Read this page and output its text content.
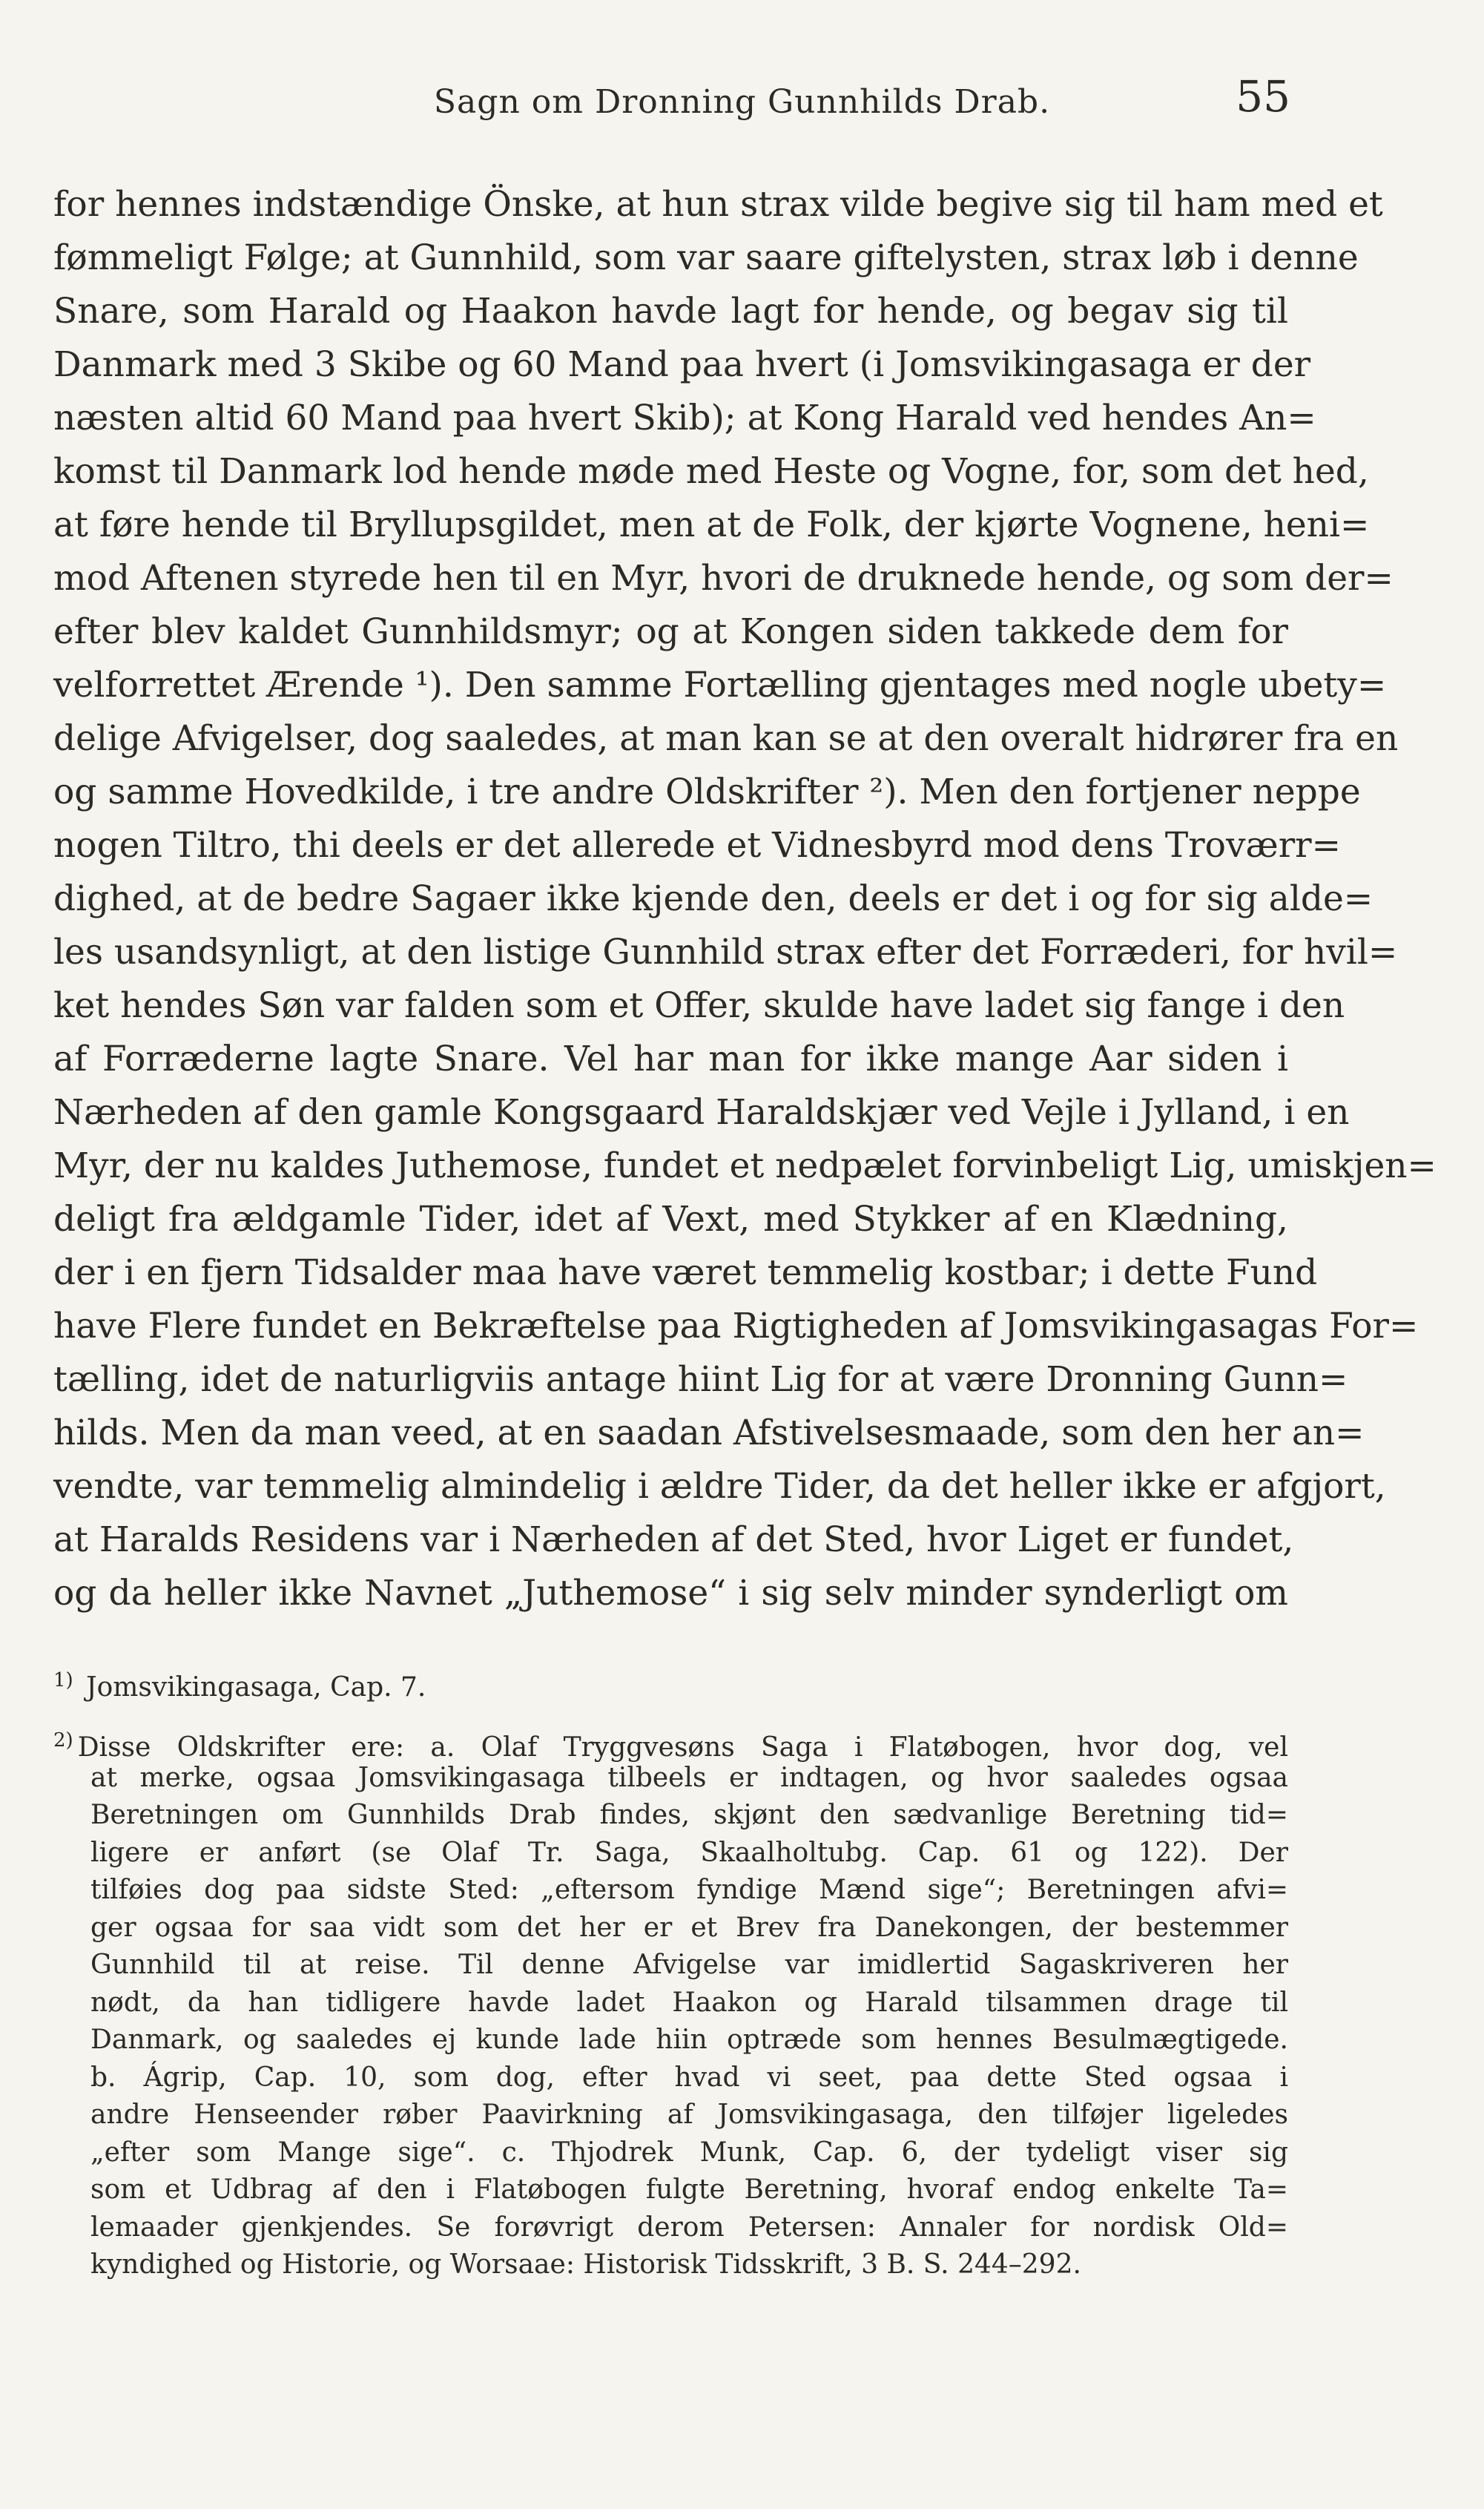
Sagn om Dronning Gunnhilds Drab.	55
for hennes indstændige Önske, at hun strax vilde begive sig til ham med et
fømmeligt Følge; at Gunnhild, som var saare giftelysten, strax løb i denne
Snare, som Harald og Haakon havde lagt for hende, og begav sig til
Danmark med 3 Skibe og 60 Mand paa hvert (i Jomsvikingasaga er der
næsten altid 60 Mand paa hvert Skib); at Kong Harald ved hendes An=
komst til Danmark lod hende møde med Heste og Vogne, for, som det hed,
at føre hende til Bryllupsgildet, men at de Folk, der kjørte Vognene, heni=
mod Aftenen styrede hen til en Myr, hvori de druknede hende, og som der=
efter blev kaldet Gunnhildsmyr; og at Kongen siden takkede dem for
velforrettet Ærende ¹). Den samme Fortælling gjentages med nogle ubety=
delige Afvigelser, dog saaledes, at man kan se at den overalt hidrører fra en
og samme Hovedkilde, i tre andre Oldskrifter ²). Men den fortjener neppe
nogen Tiltro, thi deels er det allerede et Vidnesbyrd mod dens Troværr=
dighed, at de bedre Sagaer ikke kjende den, deels er det i og for sig alde=
les usandsynligt, at den listige Gunnhild strax efter det Forræderi, for hvil=
ket hendes Søn var falden som et Offer, skulde have ladet sig fange i den
af Forræderne lagte Snare. Vel har man for ikke mange Aar siden i
Nærheden af den gamle Kongsgaard Haraldskjær ved Vejle i Jylland, i en
Myr, der nu kaldes Juthemose, fundet et nedpælet forvinbeligt Lig, umiskjen=
deligt fra ældgamle Tider, idet af Vext, med Stykker af en Klædning,
der i en fjern Tidsalder maa have været temmelig kostbar; i dette Fund
have Flere fundet en Bekræftelse paa Rigtigheden af Jomsvikingasagas For=
tælling, idet de naturligviis antage hiint Lig for at være Dronning Gunn=
hilds. Men da man veed, at en saadan Afstivelsesmaade, som den her an=
vendte, var temmelig almindelig i ældre Tider, da det heller ikke er afgjort,
at Haralds Residens var i Nærheden af det Sted, hvor Liget er fundet,
og da heller ikke Navnet „Juthemose“ i sig selv minder synderligt om
$^{1)}$ Jomsvikingasaga, Cap. 7.
$^{2)}$ Disse Oldskrifter ere: a. Olaf Tryggvesøns Saga i Flatøbogen, hvor dog, vel
at merke, ogsaa Jomsvikingasaga tilbeels er indtagen, og hvor saaledes ogsaa
Beretningen om Gunnhilds Drab findes, skjønt den sædvanlige Beretning tid=
ligere er anført (se Olaf Tr. Saga, Skaalholtubg. Cap. 61 og 122). Der
tilføies dog paa sidste Sted: „eftersom fyndige Mænd sige“; Beretningen afvi=
ger ogsaa for saa vidt som det her er et Brev fra Danekongen, der bestemmer
Gunnhild til at reise. Til denne Afvigelse var imidlertid Sagaskriveren her
nødt, da han tidligere havde ladet Haakon og Harald tilsammen drage til
Danmark, og saaledes ej kunde lade hiin optræde som hennes Besulmægtigede.
b. Ágrip, Cap. 10, som dog, efter hvad vi seet, paa dette Sted ogsaa i
andre Henseender røber Paavirkning af Jomsvikingasaga, den tilføjer ligeledes
„efter som Mange sige“. c. Thjodrek Munk, Cap. 6, der tydeligt viser sig
som et Udbrag af den i Flatøbogen fulgte Beretning, hvoraf endog enkelte Ta=
lemaader gjenkjendes. Se forøvrigt derom Petersen: Annaler for nordisk Old=
kyndighed og Historie, og Worsaae: Historisk Tidsskrift, 3 B. S. 244–292.
